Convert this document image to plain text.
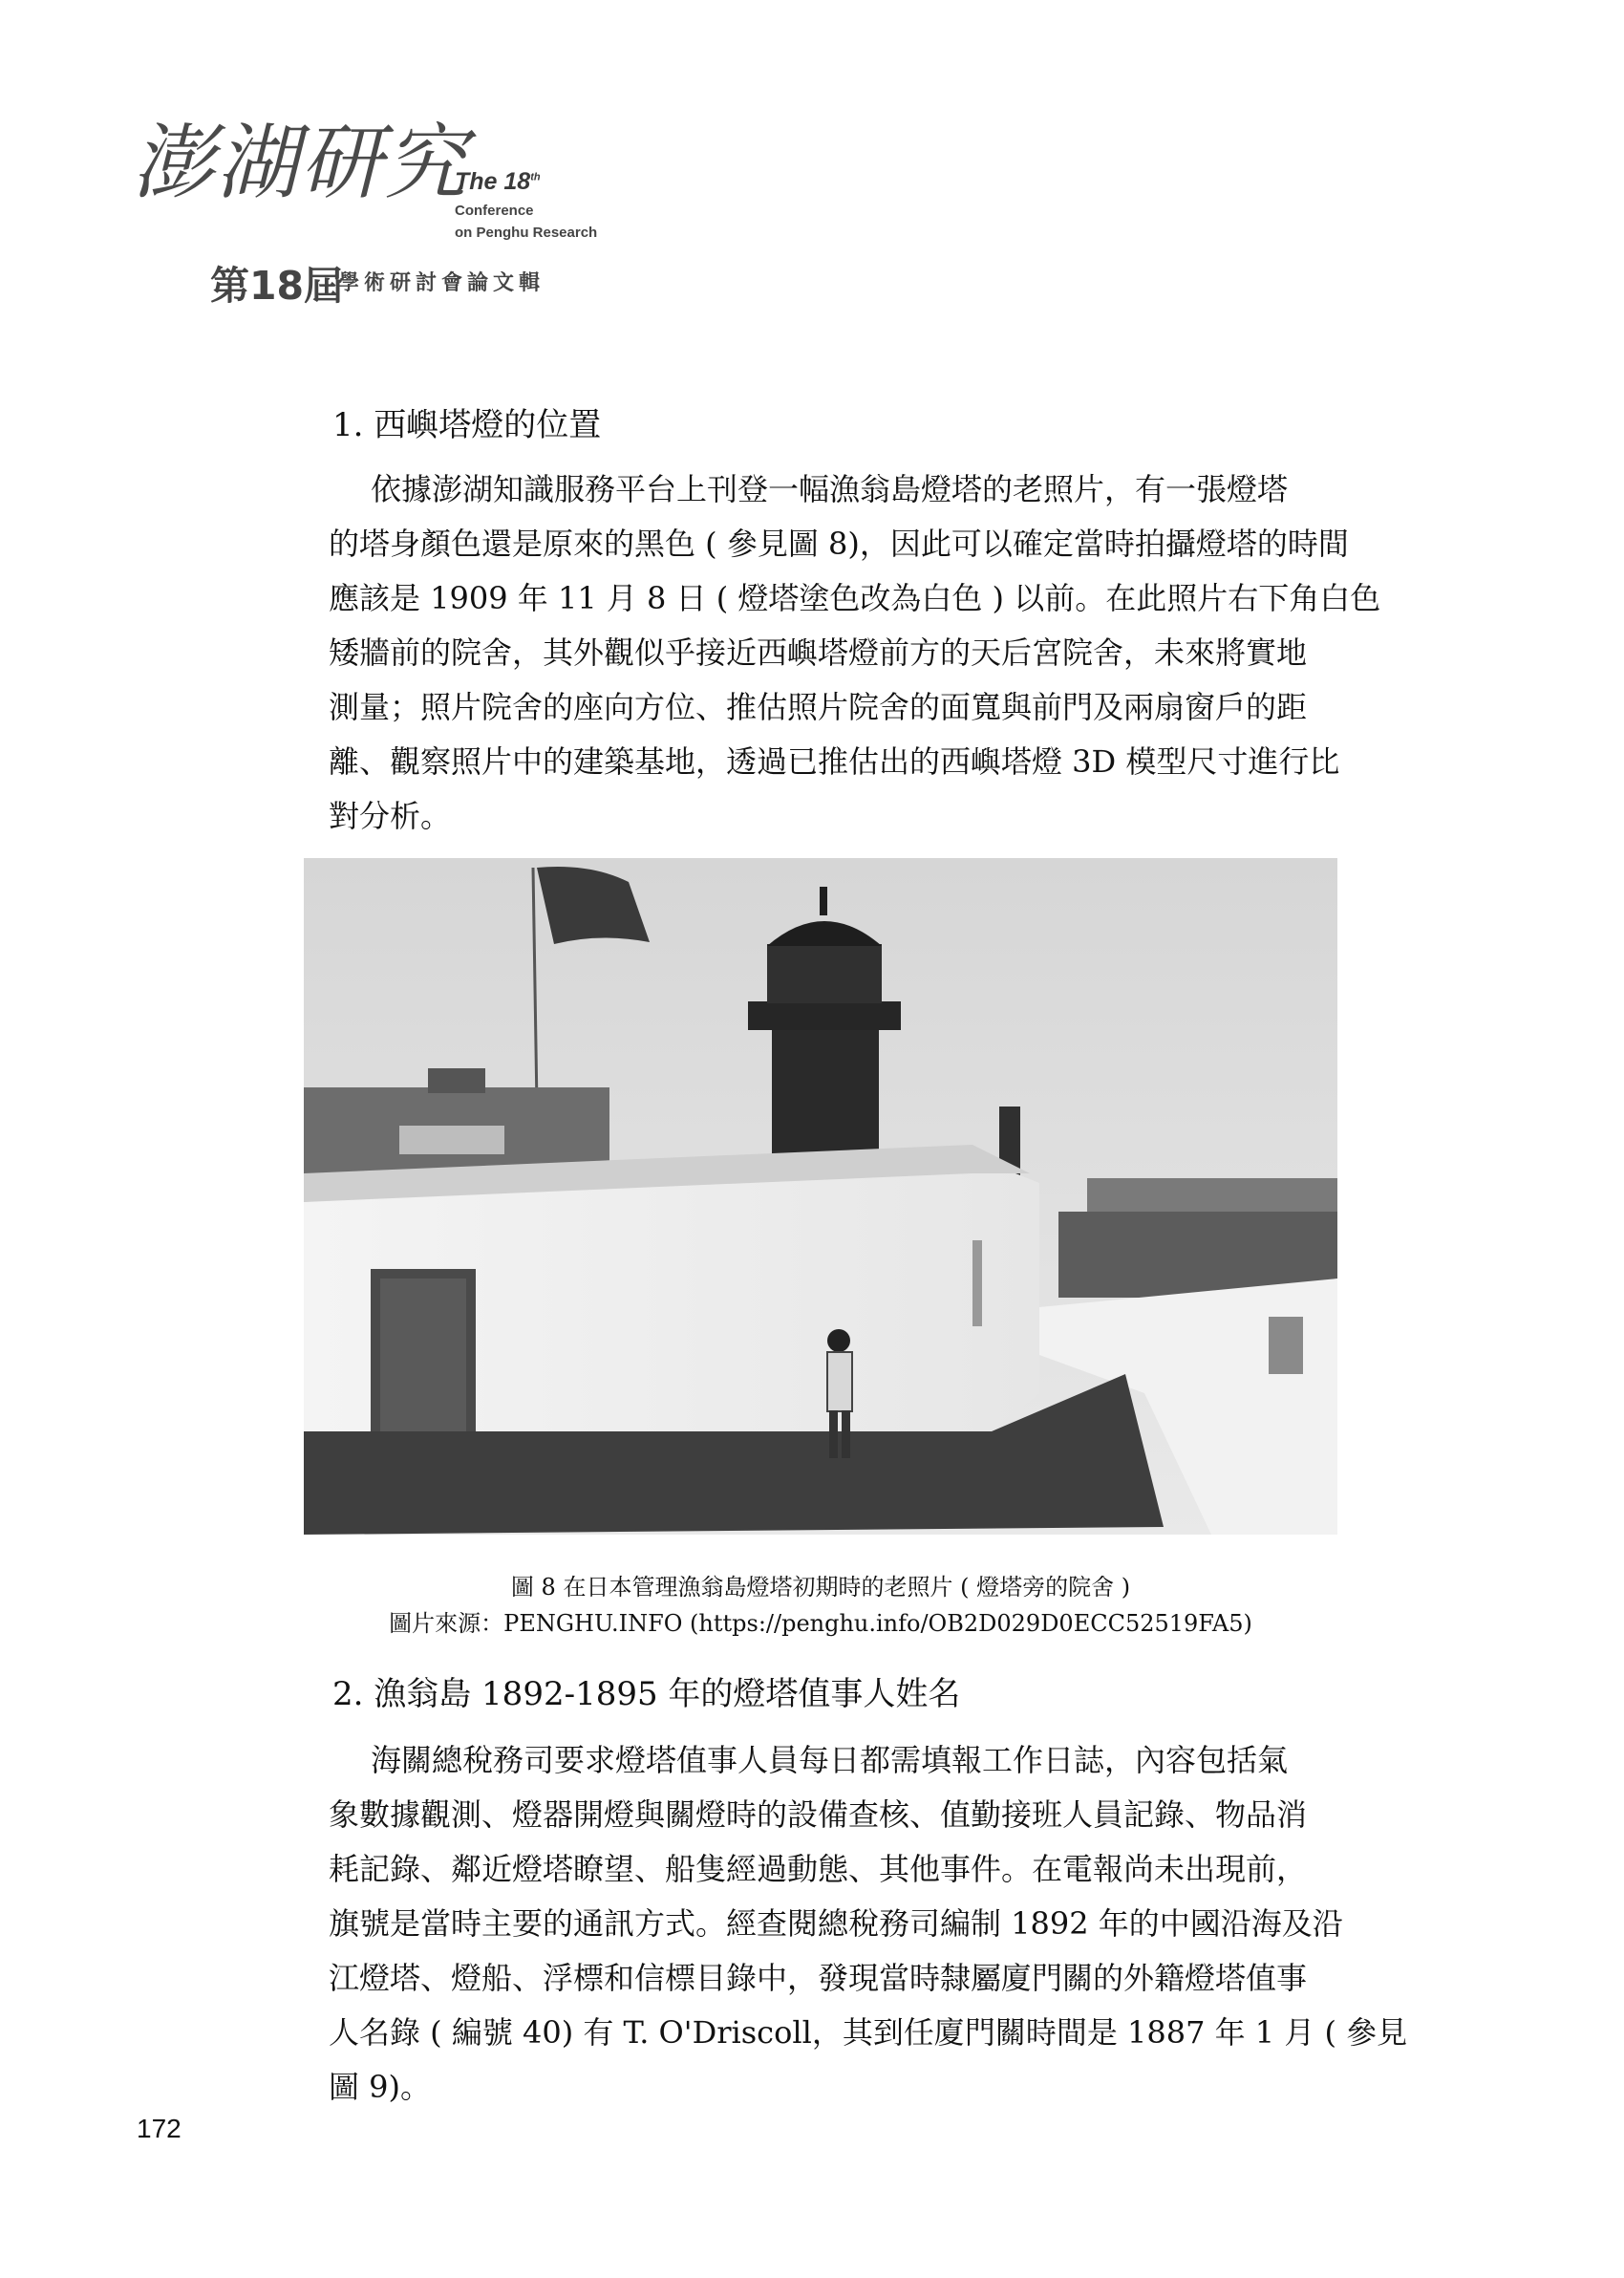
澎湖研究
The 18th
Conference
on Penghu Research
第18屆
學術研討會論文輯
1. 西嶼塔燈的位置
依據澎湖知識服務平台上刊登一幅漁翁島燈塔的老照片，有一張燈塔
的塔身顏色還是原來的黑色 ( 參見圖 8)，因此可以確定當時拍攝燈塔的時間
應該是 1909 年 11 月 8 日 ( 燈塔塗色改為白色 ) 以前。在此照片右下角白色
矮牆前的院舍，其外觀似乎接近西嶼塔燈前方的天后宮院舍，未來將實地
測量；照片院舍的座向方位、推估照片院舍的面寬與前門及兩扇窗戶的距
離、觀察照片中的建築基地，透過已推估出的西嶼塔燈 3D 模型尺寸進行比
對分析。
圖 8 在日本管理漁翁島燈塔初期時的老照片 ( 燈塔旁的院舍 )
圖片來源：PENGHU.INFO (https://penghu.info/OB2D029D0ECC52519FA5)
2. 漁翁島 1892-1895 年的燈塔值事人姓名
海關總稅務司要求燈塔值事人員每日都需填報工作日誌，內容包括氣
象數據觀測、燈器開燈與關燈時的設備查核、值勤接班人員記錄、物品消
耗記錄、鄰近燈塔瞭望、船隻經過動態、其他事件。在電報尚未出現前，
旗號是當時主要的通訊方式。經查閱總稅務司編制 1892 年的中國沿海及沿
江燈塔、燈船、浮標和信標目錄中，發現當時隸屬廈門關的外籍燈塔值事
人名錄 ( 編號 40) 有 T. O'Driscoll，其到任廈門關時間是 1887 年 1 月 ( 參見
圖 9)。
172
